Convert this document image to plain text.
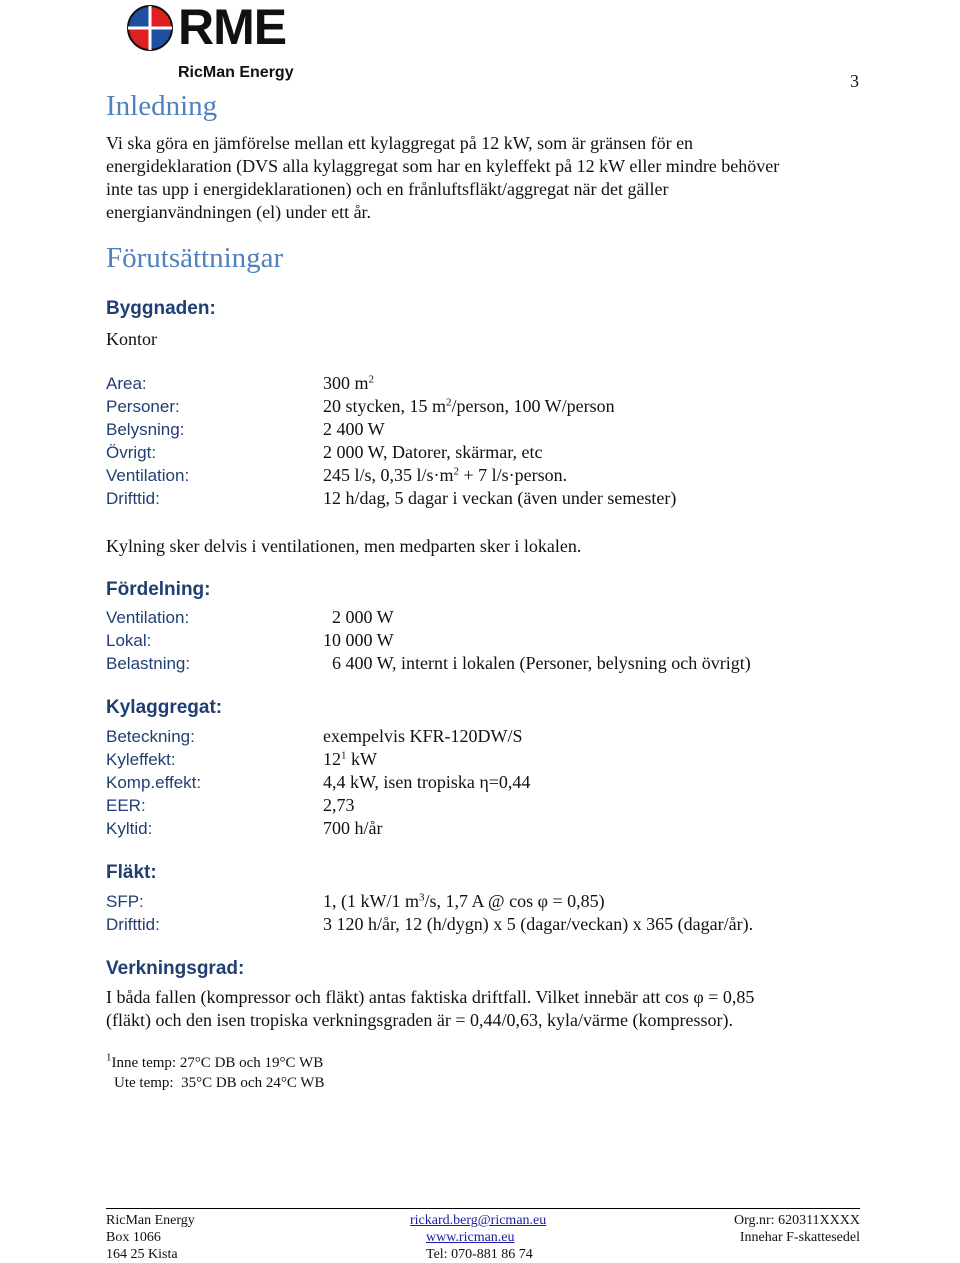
RME
RicMan Energy	3
Inledning
Vi ska göra en jämförelse mellan ett kylaggregat på 12 kW, som är gränsen för en
energideklaration (DVS alla kylaggregat som har en kyleffekt på 12 kW eller mindre behöver
inte tas upp i energideklarationen) och en frånluftsfläkt/aggregat när det gäller
energianvändningen (el) under ett år.
Förutsättningar
Byggnaden:
Kontor
Area:	300 $m^2$
Personer:	20 stycken, 15 $m^2$/person, 100 W/person
Belysning:	2 400 W
Övrigt:	2 000 W, Datorer, skärmar, etc
Ventilation:	245 l/s, 0,35 $l/s\cdot m^2 + 7$ l/s·person.
Drifttid:	12 h/dag, 5 dagar i veckan (även under semester)
Kylning sker delvis i ventilationen, men medparten sker i lokalen.
Fördelning:
Ventilation:	2 000 W
Lokal:	10 000 W
Belastning:	6 400 W, internt i lokalen (Personer, belysning och övrigt)
Kylaggregat:
Beteckning:	exempelvis KFR-120DW/S
Kyleffekt:	$12^1$ kW
Komp.effekt:	4,4 kW, isen tropiska η=0,44
EER:	2,73
Kyltid:	700 h/år
Fläkt:
SFP:	1, (1 kW/1 $m^3/s$, 1,7 A @ cos φ = 0,85)
Drifttid:	3 120 h/år, 12 (h/dygn) x 5 (dagar/veckan) x 365 (dagar/år).
Verkningsgrad:
I båda fallen (kompressor och fläkt) antas faktiska driftfall. Vilket innebär att cos φ = 0,85
(fläkt) och den isen tropiska verkningsgraden är = 0,44/0,63, kyla/värme (kompressor).
$^1$Inne temp: 27°C DB och 19°C WB
Ute temp:  35°C DB och 24°C WB
RicMan Energy
Box 1066
164 25 Kista
rickard.berg@ricman.eu
www.ricman.eu
Tel: 070-881 86 74
Org.nr: 620311XXXX
Innehar F-skattesedel
